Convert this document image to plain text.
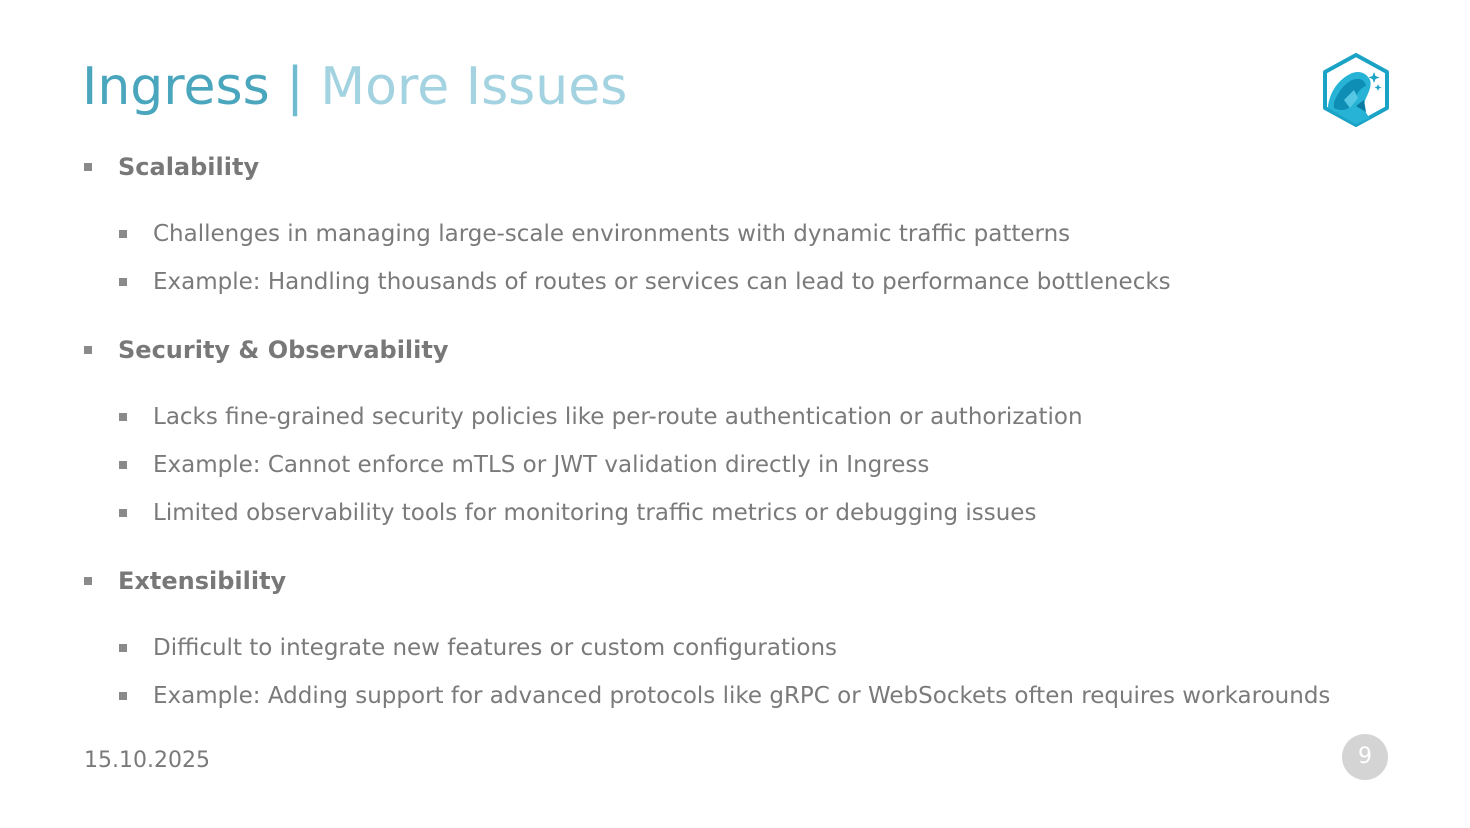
Ingress | More Issues
Scalability
Challenges in managing large-scale environments with dynamic traffic patterns
Example: Handling thousands of routes or services can lead to performance bottlenecks
Security & Observability
Lacks fine-grained security policies like per-route authentication or authorization
Example: Cannot enforce mTLS or JWT validation directly in Ingress
Limited observability tools for monitoring traffic metrics or debugging issues
Extensibility
Difficult to integrate new features or custom configurations
Example: Adding support for advanced protocols like gRPC or WebSockets often requires workarounds
15.10.2025	9
